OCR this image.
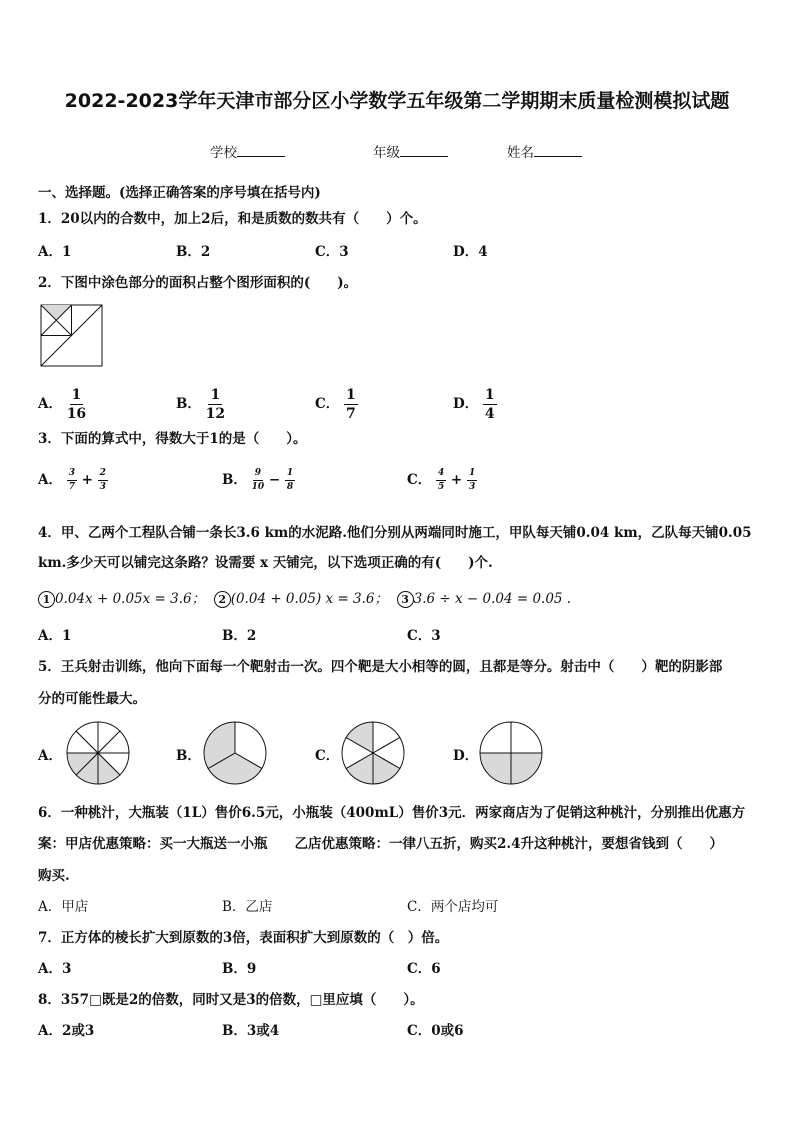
2022-2023学年天津市部分区小学数学五年级第二学期期末质量检测模拟试题
学校	年级	姓名
一、选择题。(选择正确答案的序号填在括号内)
1．20以内的合数中，加上2后，和是质数的数共有（　　）个。
A．1	B．2	C．3	D．4
2．下图中涂色部分的面积占整个图形面积的(　　)。
A． $\frac{1}{16}$	B． $\frac{1}{12}$	C． $\frac{1}{7}$	D． $\frac{1}{4}$
3．下面的算式中，得数大于1的是（　　）。
A． $\frac{3}{7} + \frac{2}{3}$	B． $\frac{9}{10} - \frac{1}{8}$	C． $\frac{4}{5} + \frac{1}{3}$
4．甲、乙两个工程队合铺一条长3.6 km的水泥路.他们分别从两端同时施工，甲队每天铺0.04 km，乙队每天铺0.05
km.多少天可以铺完这条路？设需要 x 天铺完，以下选项正确的有(　　)个.
1 0.04x + 0.05x = 3.6； 2 (0.04 + 0.05) x = 3.6； 3 3.6 ÷ x − 0.04 = 0.05 .
A．1	B．2	C．3
5．王兵射击训练，他向下面每一个靶射击一次。四个靶是大小相等的圆，且都是等分。射击中（　　）靶的阴影部
分的可能性最大。
A．	B．	C．	D．
6．一种桃汁，大瓶装（1L）售价6.5元，小瓶装（400mL）售价3元．两家商店为了促销这种桃汁，分别推出优惠方
案：甲店优惠策略：买一大瓶送一小瓶　　乙店优惠策略：一律八五折，购买2.4升这种桃汁，要想省钱到（　　）
购买.
A．甲店	B．乙店	C．两个店均可
7．正方体的棱长扩大到原数的3倍，表面积扩大到原数的（　）倍。
A．3	B．9	C．6
8．357□既是2的倍数，同时又是3的倍数，□里应填（　　）。
A．2或3	B．3或4	C．0或6
